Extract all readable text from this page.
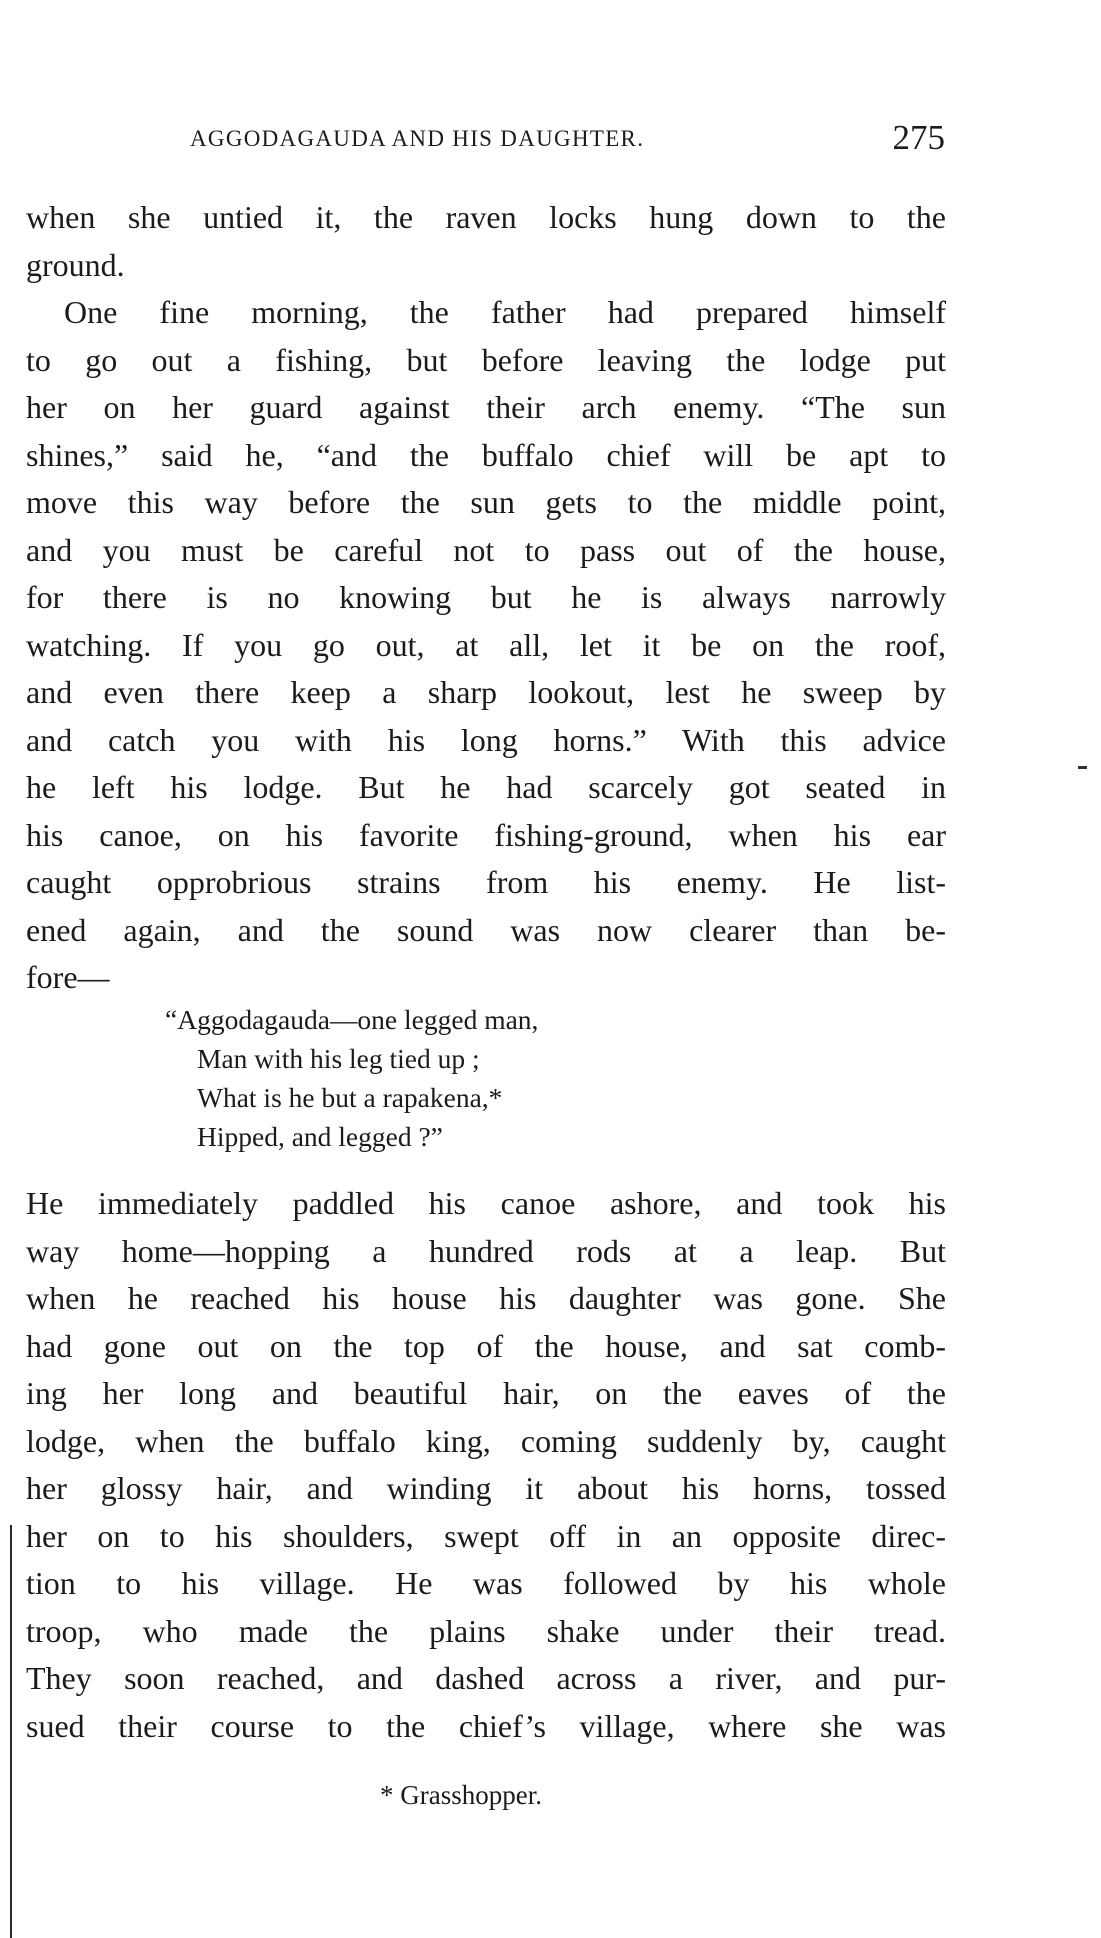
AGGODAGAUDA AND HIS DAUGHTER.	275
when she untied it, the raven locks hung down to the
ground.
One fine morning, the father had prepared himself
to go out a fishing, but before leaving the lodge put
her on her guard against their arch enemy. “The sun
shines,” said he, “and the buffalo chief will be apt to
move this way before the sun gets to the middle point,
and you must be careful not to pass out of the house,
for there is no knowing but he is always narrowly
watching. If you go out, at all, let it be on the roof,
and even there keep a sharp lookout, lest he sweep by
and catch you with his long horns.” With this advice
he left his lodge. But he had scarcely got seated in
his canoe, on his favorite fishing-ground, when his ear
caught opprobrious strains from his enemy. He list-
ened again, and the sound was now clearer than be-
fore—
“Aggodagauda—one legged man,
Man with his leg tied up ;
What is he but a rapakena,*
Hipped, and legged ?”
He immediately paddled his canoe ashore, and took his
way home—hopping a hundred rods at a leap. But
when he reached his house his daughter was gone. She
had gone out on the top of the house, and sat comb-
ing her long and beautiful hair, on the eaves of the
lodge, when the buffalo king, coming suddenly by, caught
her glossy hair, and winding it about his horns, tossed
her on to his shoulders, swept off in an opposite direc-
tion to his village. He was followed by his whole
troop, who made the plains shake under their tread.
They soon reached, and dashed across a river, and pur-
sued their course to the chief’s village, where she was
* Grasshopper.
